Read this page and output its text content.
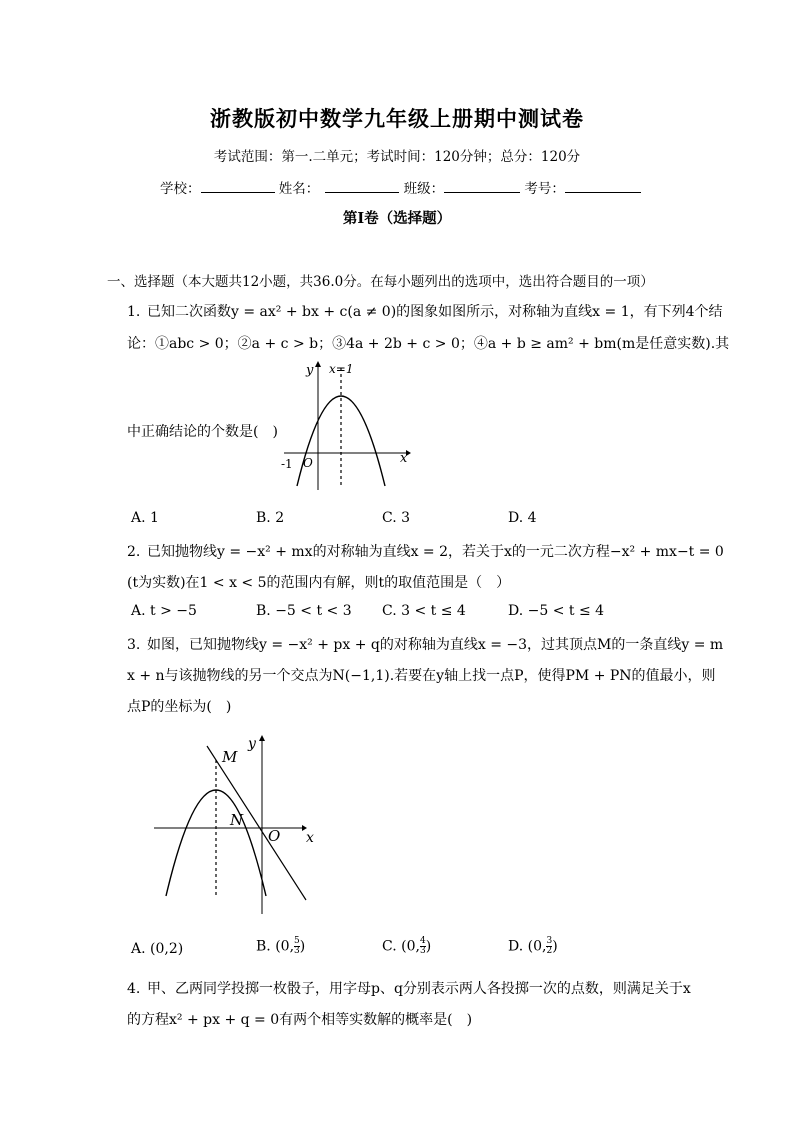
浙教版初中数学九年级上册期中测试卷
考试范围：第一.二单元；考试时间：120分钟；总分：120分
学校：	姓名：	班级：	考号：
第I卷（选择题）
一、选择题（本大题共12小题，共36.0分。在每小题列出的选项中，选出符合题目的一项）
1. 已知二次函数y = ax² + bx + c(a ≠ 0)的图象如图所示，对称轴为直线x = 1，有下列4个结
论：①abc > 0；②a + c > b；③4a + 2b + c > 0；④a + b ≥ am² + bm(m是任意实数).其
中正确结论的个数是(　)
y
x
x=1
-1 O
A. 1	B. 2	C. 3	D. 4
2. 已知抛物线y = −x² + mx的对称轴为直线x = 2，若关于x的一元二次方程−x² + mx−t = 0
(t为实数)在1 < x < 5的范围内有解，则t的取值范围是（　）
A. t > −5	B. −5 < t < 3 C. 3 < t ≤ 4	D. −5 < t ≤ 4
3. 如图，已知抛物线y = −x² + px + q的对称轴为直线x = −3，过其顶点M的一条直线y = m
x + n与该抛物线的另一个交点为N(−1,1).若要在y轴上找一点P，使得PM + PN的值最小，则
点P的坐标为(　)
M
N
O
y
x
A. (0,2)	B. (0, $\frac{5}{3}$ )	C. (0, $\frac{4}{3}$ )	D. (0, $\frac{3}{2}$ )
4. 甲、乙两同学投掷一枚骰子，用字母p、q分别表示两人各投掷一次的点数，则满足关于x
的方程x² + px + q = 0有两个相等实数解的概率是(　)
